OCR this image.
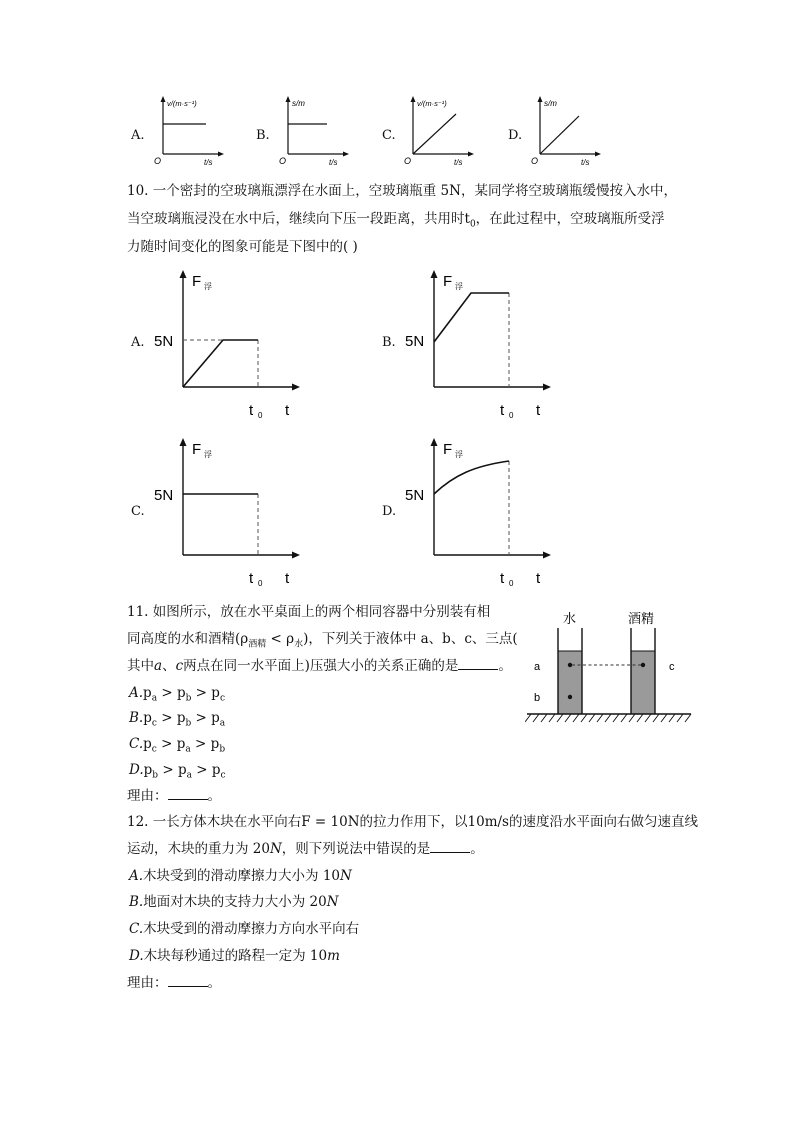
A.
v/(m·s⁻¹)
t/s
O
B.
s/m
t/s
O
C.
v/(m·s⁻¹)
t/s
O
D.
s/m
t/s
O
10. 一个密封的空玻璃瓶漂浮在水面上，空玻璃瓶重 5N，某同学将空玻璃瓶缓慢按入水中，
当空玻璃瓶浸没在水中后，继续向下压一段距离，共用时$t_0$，在此过程中，空玻璃瓶所受浮
力随时间变化的图象可能是下图中的( )
A.
F 浮
5N
t 0 t
B.
F 浮
5N
t 0 t
C.
F 浮
5N
t 0 t
D.
F 浮
5N
t 0 t
11. 如图所示，放在水平桌面上的两个相同容器中分别装有相
同高度的水和酒精$(\rho_{酒精} < \rho_水)$，下列关于液体中 a、b、c、三点(
其中a、c两点在同一水平面上)压强大小的关系正确的是	。
$A.p_a > p_b > p_c$
$B.p_c > p_b > p_a$
$C.p_c > p_a > p_b$
$D.p_b > p_a > p_c$
理由：	。
水	酒精
a
b
c
12. 一长方体木块在水平向右F = 10N的拉力作用下，以10m/s的速度沿水平面向右做匀速直线
运动，木块的重力为 20N，则下列说法中错误的是	。
A.木块受到的滑动摩擦力大小为 10N
B.地面对木块的支持力大小为 20N
C.木块受到的滑动摩擦力方向水平向右
D.木块每秒通过的路程一定为 10m
理由：	。
